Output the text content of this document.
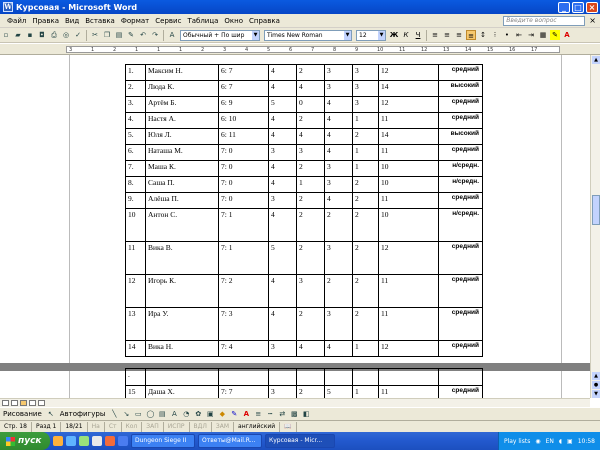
W Курсовая - Microsoft Word	_	□ ×
Файл Правка Вид Вставка Формат Сервис Таблица Окно Справка	Введите вопрос	×
▫ ▰ ▪ ◘ ⎙ ◎ ✓ ✂ ❐ ▤ ✎ ↶ ↷	A	Обычный + По шир	▼ Times New Roman	▼ 12	▼ Ж К	Ч	≡ ≡ ≡ ≡ ↕	⁝	•	⇤ ⇥ ▦ ✎ A
3	1	2	1	1	1	2	3	4	5	6	7	8	9	10	11	12	13	14	15	16	17
1.	Максим Н.	6: 7	4	2	3	3	12	средний
2.	Люда К.	6: 7	4	4	3	3	14	высокий
3.	Артём Б.	6: 9	5	0	4	3	12	средний
4.	Настя А.	6: 10	4	2	4	1	11	средний
5.	Юля Л.	6: 11	4	4	4	2	14	высокий
6.	Наташа М.	7: 0	3	3	4	1	11	средний
7.	Маша К.	7: 0	4	2	3	1	10	н/средн.
8.	Саша П.	7: 0	4	1	3	2	10	н/средн.
9.	Алёша П.	7: 0	3	2	4	2	11	средний
10	Антон С.	7: 1	4	2	2	2	10	н/средн.
11	Вика В.	7: 1	5	2	3	2	12	средний
12	Игорь К.	7: 2	4	3	2	2	11	средний
13	Ира У.	7: 3	4	2	3	2	11	средний
14	Вика Н.	7: 4	3	4	4	1	12	средний
.								
15	Даша Х.	7: 7	3	2	5	1	11	средний
▲
▲
●
▼
Рисование ↖ Автофигуры ╲ ↘ ▭ ◯ ▤ A ◔ ✿ ▣ ◆ ✎ A ≡ ┅ ⇄ ▩ ◧
Стр. 18	Разд 1	18/21	На	Ст	Кол	ЗАП	ИСПР	ВДЛ	ЗАМ	английский	📖
пуск	Dungeon Siege II	Ответы@Mail.R...	Курсовая - Micr...	Play lists ◉ EN ◖ ▣ 10:58
